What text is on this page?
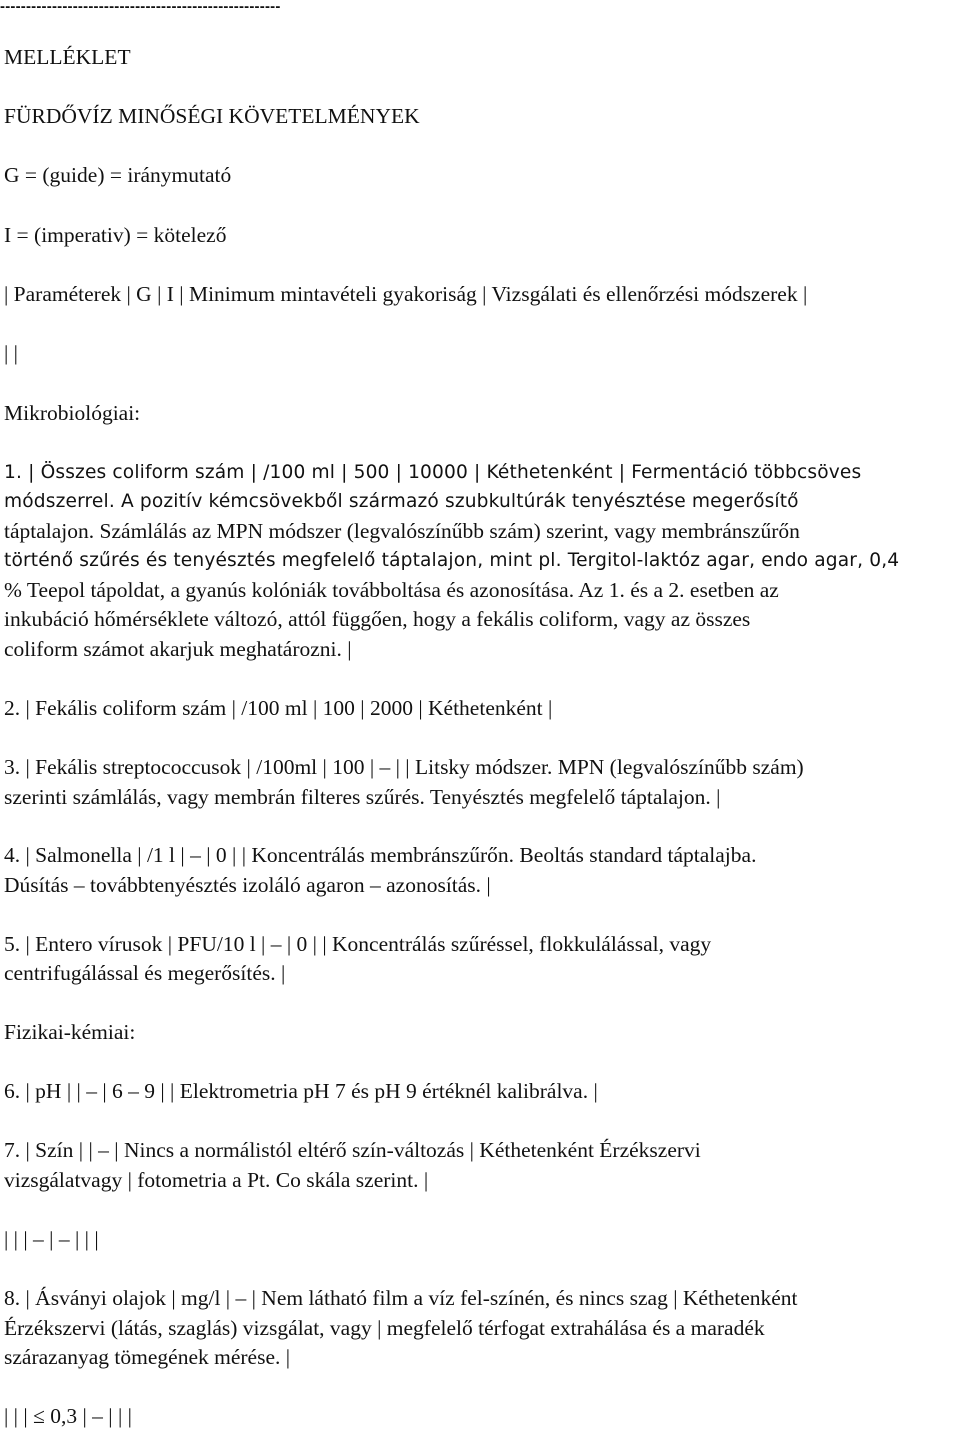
------------------------------------------------------
MELLÉKLET
FÜRDŐVÍZ MINŐSÉGI KÖVETELMÉNYEK
G = (guide) = iránymutató
I = (imperativ) = kötelező
| Paraméterek | G | I | Minimum mintavételi gyakoriság | Vizsgálati és ellenőrzési módszerek |
| |
Mikrobiológiai:
1. | Összes coliform szám | /100 ml | 500 | 10000 | Kéthetenként | Fermentáció többcsöves
módszerrel. A pozitív kémcsövekből származó szubkultúrák tenyésztése megerősítő
táptalajon. Számlálás az MPN módszer (legvalószínűbb szám) szerint, vagy membránszűrőn
történő szűrés és tenyésztés megfelelő táptalajon, mint pl. Tergitol-laktóz agar, endo agar, 0,4
% Teepol tápoldat, a gyanús kolóniák továbboltása és azonosítása. Az 1. és a 2. esetben az
inkubáció hőmérséklete változó, attól függően, hogy a fekális coliform, vagy az összes
coliform számot akarjuk meghatározni. |
2. | Fekális coliform szám | /100 ml | 100 | 2000 | Kéthetenként |
3. | Fekális streptococcusok | /100ml | 100 | – | | Litsky módszer. MPN (legvalószínűbb szám)
szerinti számlálás, vagy membrán filteres szűrés. Tenyésztés megfelelő táptalajon. |
4. | Salmonella | /1 l | – | 0 | | Koncentrálás membránszűrőn. Beoltás standard táptalajba.
Dúsítás – továbbtenyésztés izoláló agaron – azonosítás. |
5. | Entero vírusok | PFU/10 l | – | 0 | | Koncentrálás szűréssel, flokkulálással, vagy
centrifugálással és megerősítés. |
Fizikai-kémiai:
6. | pH | | – | 6 – 9 | | Elektrometria pH 7 és pH 9 értéknél kalibrálva. |
7. | Szín | | – | Nincs a normálistól eltérő szín-változás | Kéthetenként Érzékszervi
vizsgálatvagy | fotometria a Pt. Co skála szerint. |
| | | – | – | | |
8. | Ásványi olajok | mg/l | – | Nem látható film a víz fel-színén, és nincs szag | Kéthetenként
Érzékszervi (látás, szaglás) vizsgálat, vagy | megfelelő térfogat extrahálása és a maradék
szárazanyag tömegének mérése. |
| | | ≤ 0,3 | – | | |
